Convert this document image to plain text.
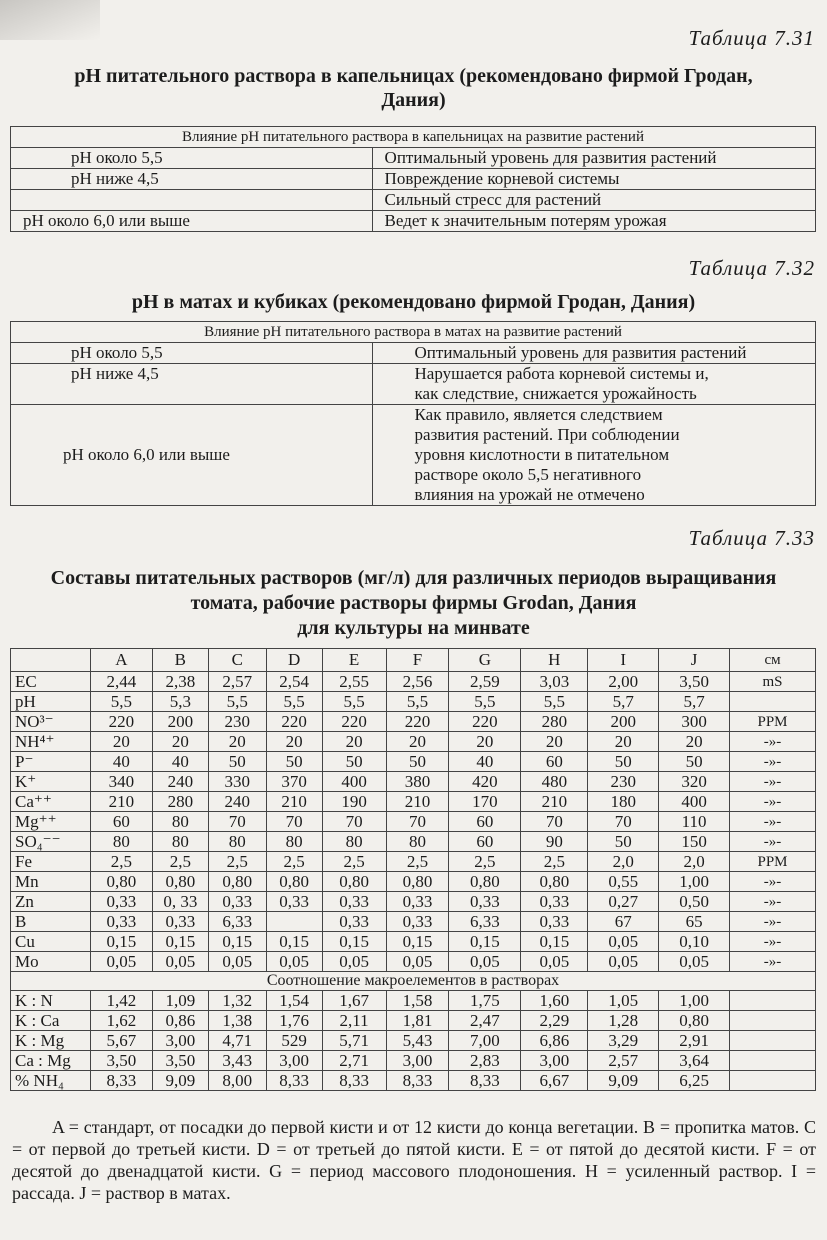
Таблица 7.31
pH питательного раствора в капельницах (рекомендовано фирмой Гродан,
Дания)
Влияние pH питательного раствора в капельницах на развитие растений	
pH около 5,5	Оптимальный уровень для развития растений
pH ниже 4,5	Повреждение корневой системы
	Сильный стресс для растений
pH около 6,0 или выше	Ведет к значительным потерям урожая
Таблица 7.32
pH в матах и кубиках (рекомендовано фирмой Гродан, Дания)
Влияние pH питательного раствора в матах на развитие растений	
pH около 5,5	Оптимальный уровень для развития растений
pH ниже 4,5	Нарушается работа корневой системы и,
как следствие, снижается урожайность

pH около 6,0 или выше	Как правило, является следствием
развития растений. При соблюдении
уровня кислотности в питательном
растворе около 5,5 негативного
влияния на урожай не отмечено
Таблица 7.33
Составы питательных растворов (мг/л) для различных периодов выращивания
томата, рабочие растворы фирмы Grodan, Дания
для культуры на минвате
	A	B	C	D	E	F	G	H	I	J	см
EC	2,44	2,38	2,57	2,54	2,55	2,56	2,59	3,03	2,00	3,50	mS
pH	5,5	5,3	5,5	5,5	5,5	5,5	5,5	5,5	5,7	5,7	
NO³⁻	220	200	230	220	220	220	220	280	200	300	PPM
NH⁴⁺	20	20	20	20	20	20	20	20	20	20	-»-
P⁻	40	40	50	50	50	50	40	60	50	50	-»-
K⁺	340	240	330	370	400	380	420	480	230	320	-»-
Ca⁺⁺	210	280	240	210	190	210	170	210	180	400	-»-
Mg⁺⁺	60	80	70	70	70	70	60	70	70	110	-»-
SO₄⁻⁻	80	80	80	80	80	80	60	90	50	150	-»-
Fe	2,5	2,5	2,5	2,5	2,5	2,5	2,5	2,5	2,0	2,0	PPM
Mn	0,80	0,80	0,80	0,80	0,80	0,80	0,80	0,80	0,55	1,00	-»-
Zn	0,33	0, 33	0,33	0,33	0,33	0,33	0,33	0,33	0,27	0,50	-»-
B	0,33	0,33	6,33		0,33	0,33	6,33	0,33	67	65	-»-
Cu	0,15	0,15	0,15	0,15	0,15	0,15	0,15	0,15	0,05	0,10	-»-
Mo	0,05	0,05	0,05	0,05	0,05	0,05	0,05	0,05	0,05	0,05	-»-
Соотношение макроелементов в растворах											
K : N	1,42	1,09	1,32	1,54	1,67	1,58	1,75	1,60	1,05	1,00	
K : Ca	1,62	0,86	1,38	1,76	2,11	1,81	2,47	2,29	1,28	0,80	
K : Mg	5,67	3,00	4,71	529	5,71	5,43	7,00	6,86	3,29	2,91	
Ca : Mg	3,50	3,50	3,43	3,00	2,71	3,00	2,83	3,00	2,57	3,64	
% NH₄	8,33	9,09	8,00	8,33	8,33	8,33	8,33	6,67	9,09	6,25	
A = стандарт, от посадки до первой кисти и от 12 кисти до конца вегетации. B = пропитка матов. C = от первой до третьей кисти. D = от третьей до пятой кисти. E = от пятой до десятой кисти. F = от десятой до двенадцатой кисти. G = период массового плодоношения. H = усиленный раствор. I = рассада. J = раствор в матах.
